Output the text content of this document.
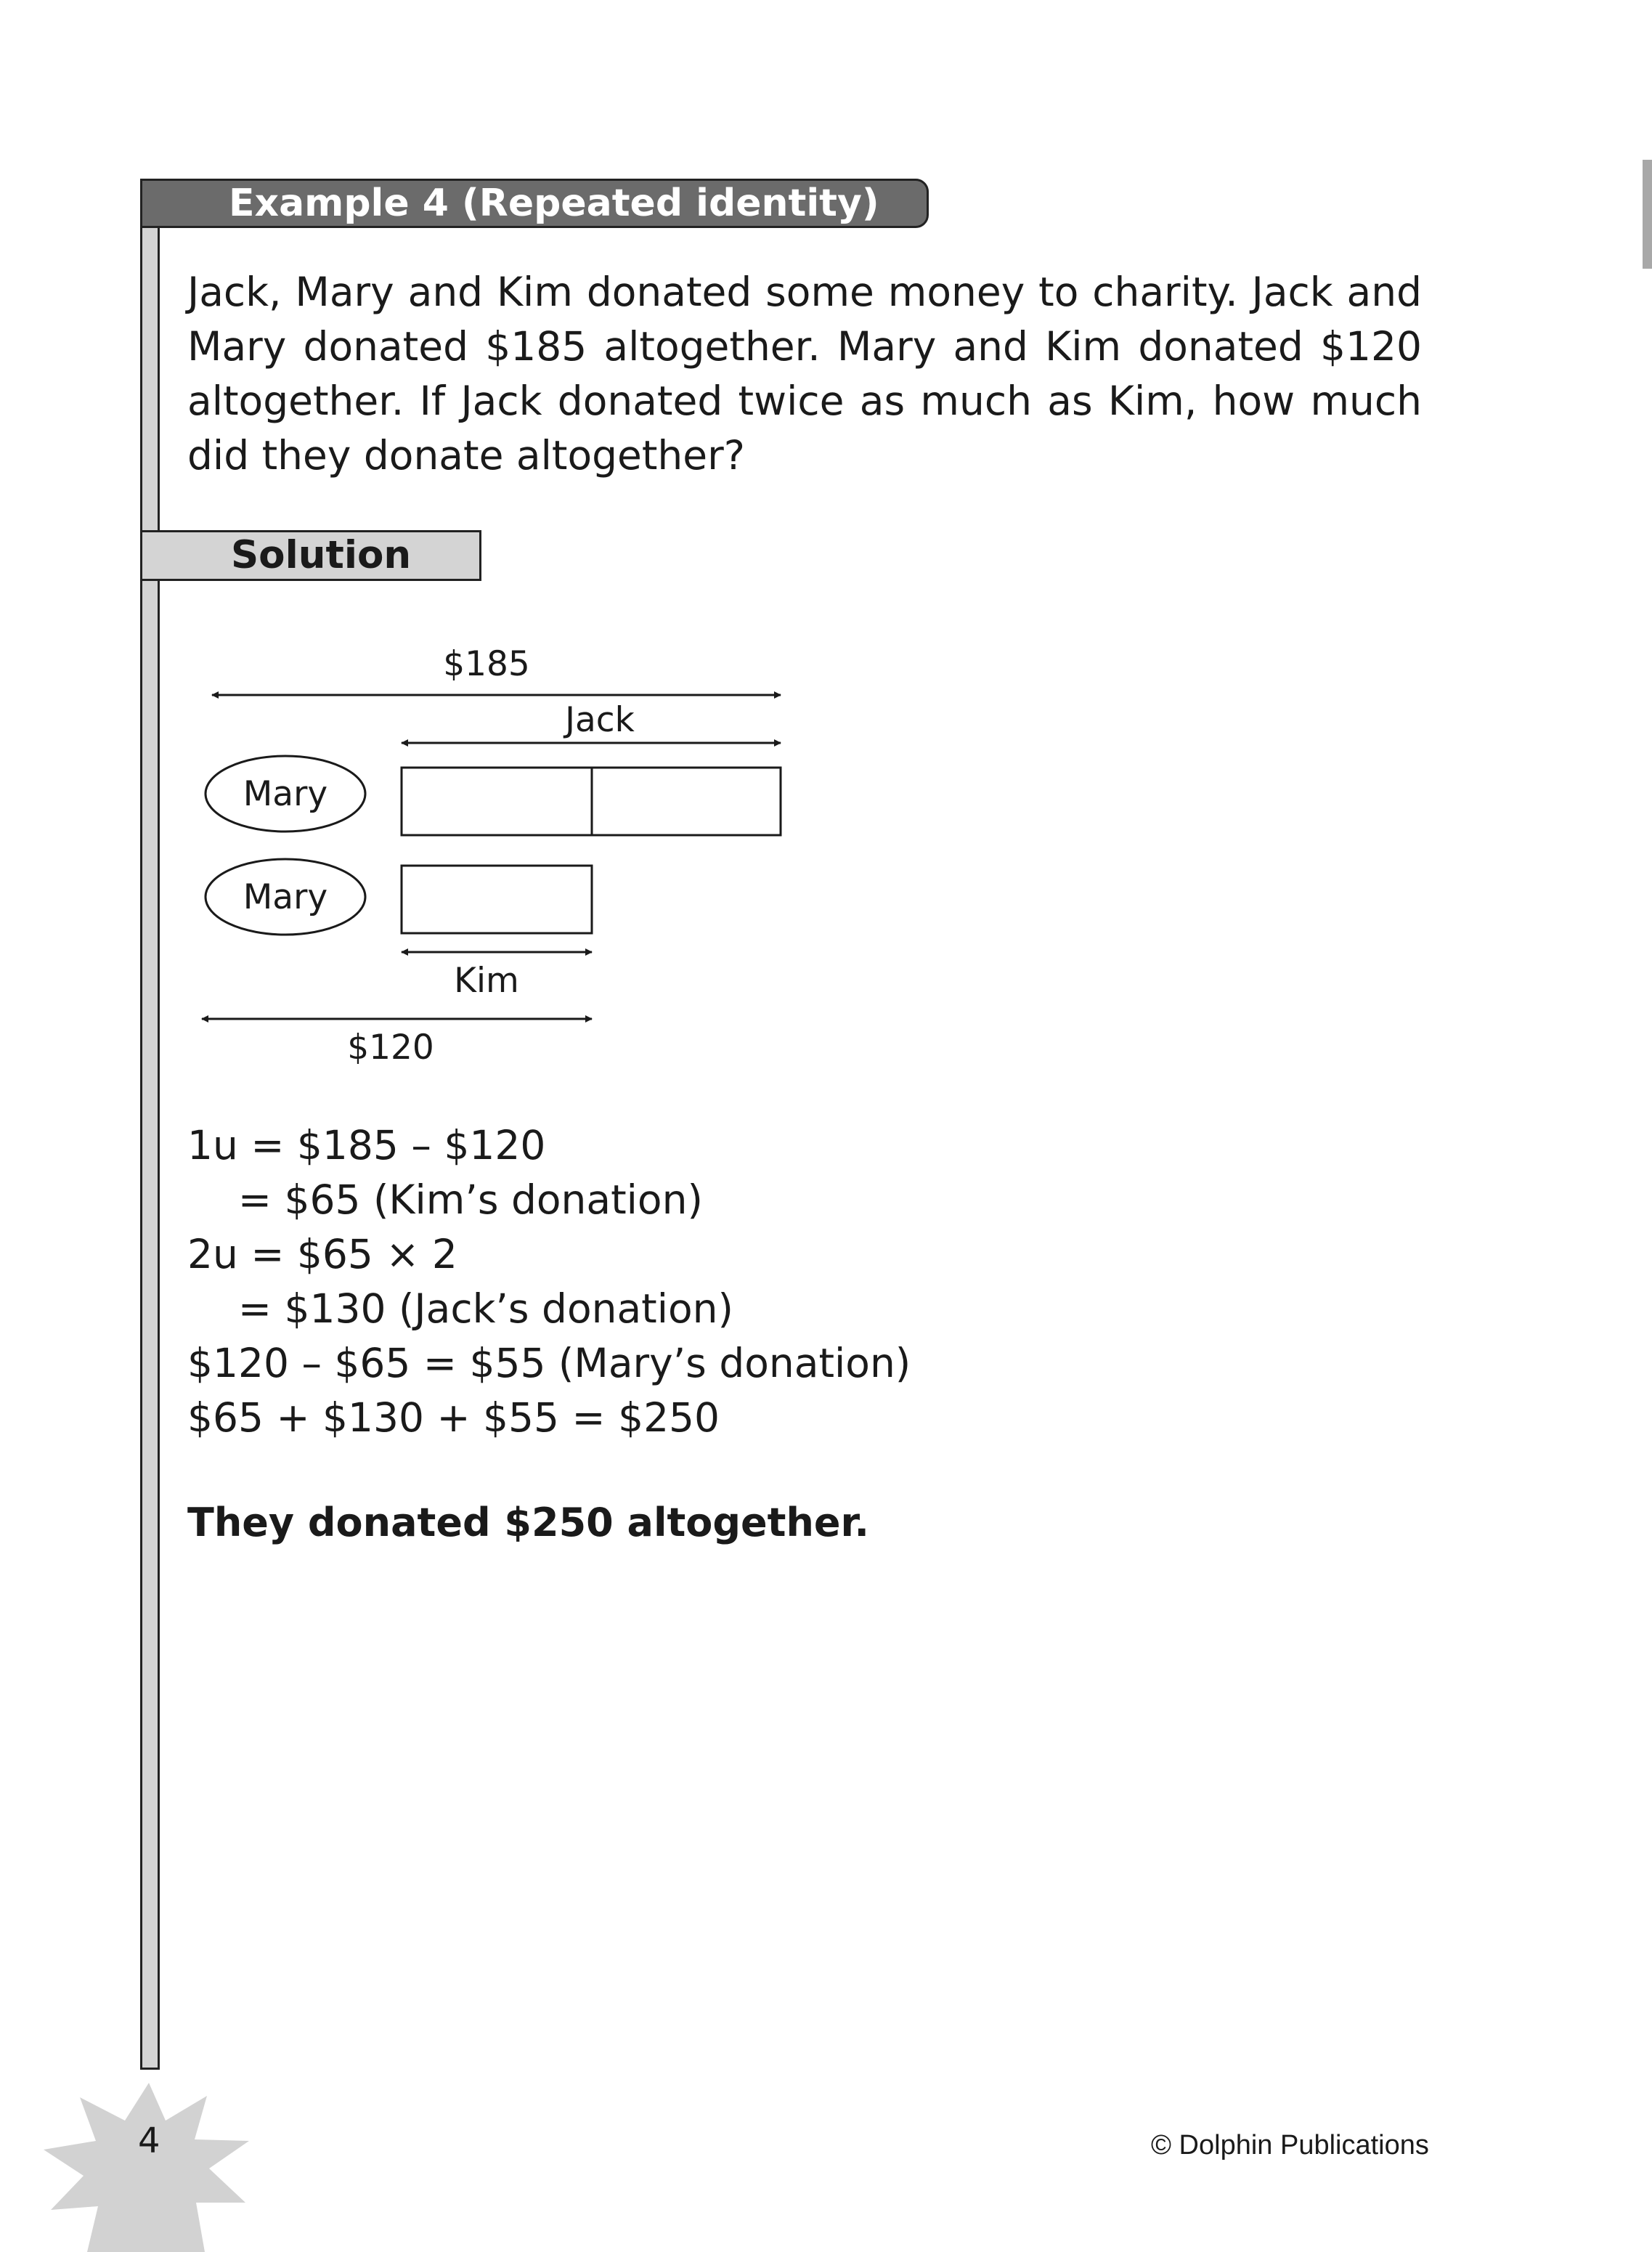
Example 4 (Repeated identity)
Jack, Mary and Kim donated some money to charity. Jack and Mary donated $185 altogether. Mary and Kim donated $120 altogether. If Jack donated twice as much as Kim, how much did they donate altogether?
Solution
$185
Jack
Mary
Mary
Kim
$120
1u = $185 – $120
= $65 (Kim’s donation)
2u = $65 × 2
= $130 (Jack’s donation)
$120 – $65 = $55 (Mary’s donation)
$65 + $130 + $55 = $250
They donated $250 altogether.
4	© Dolphin Publications
